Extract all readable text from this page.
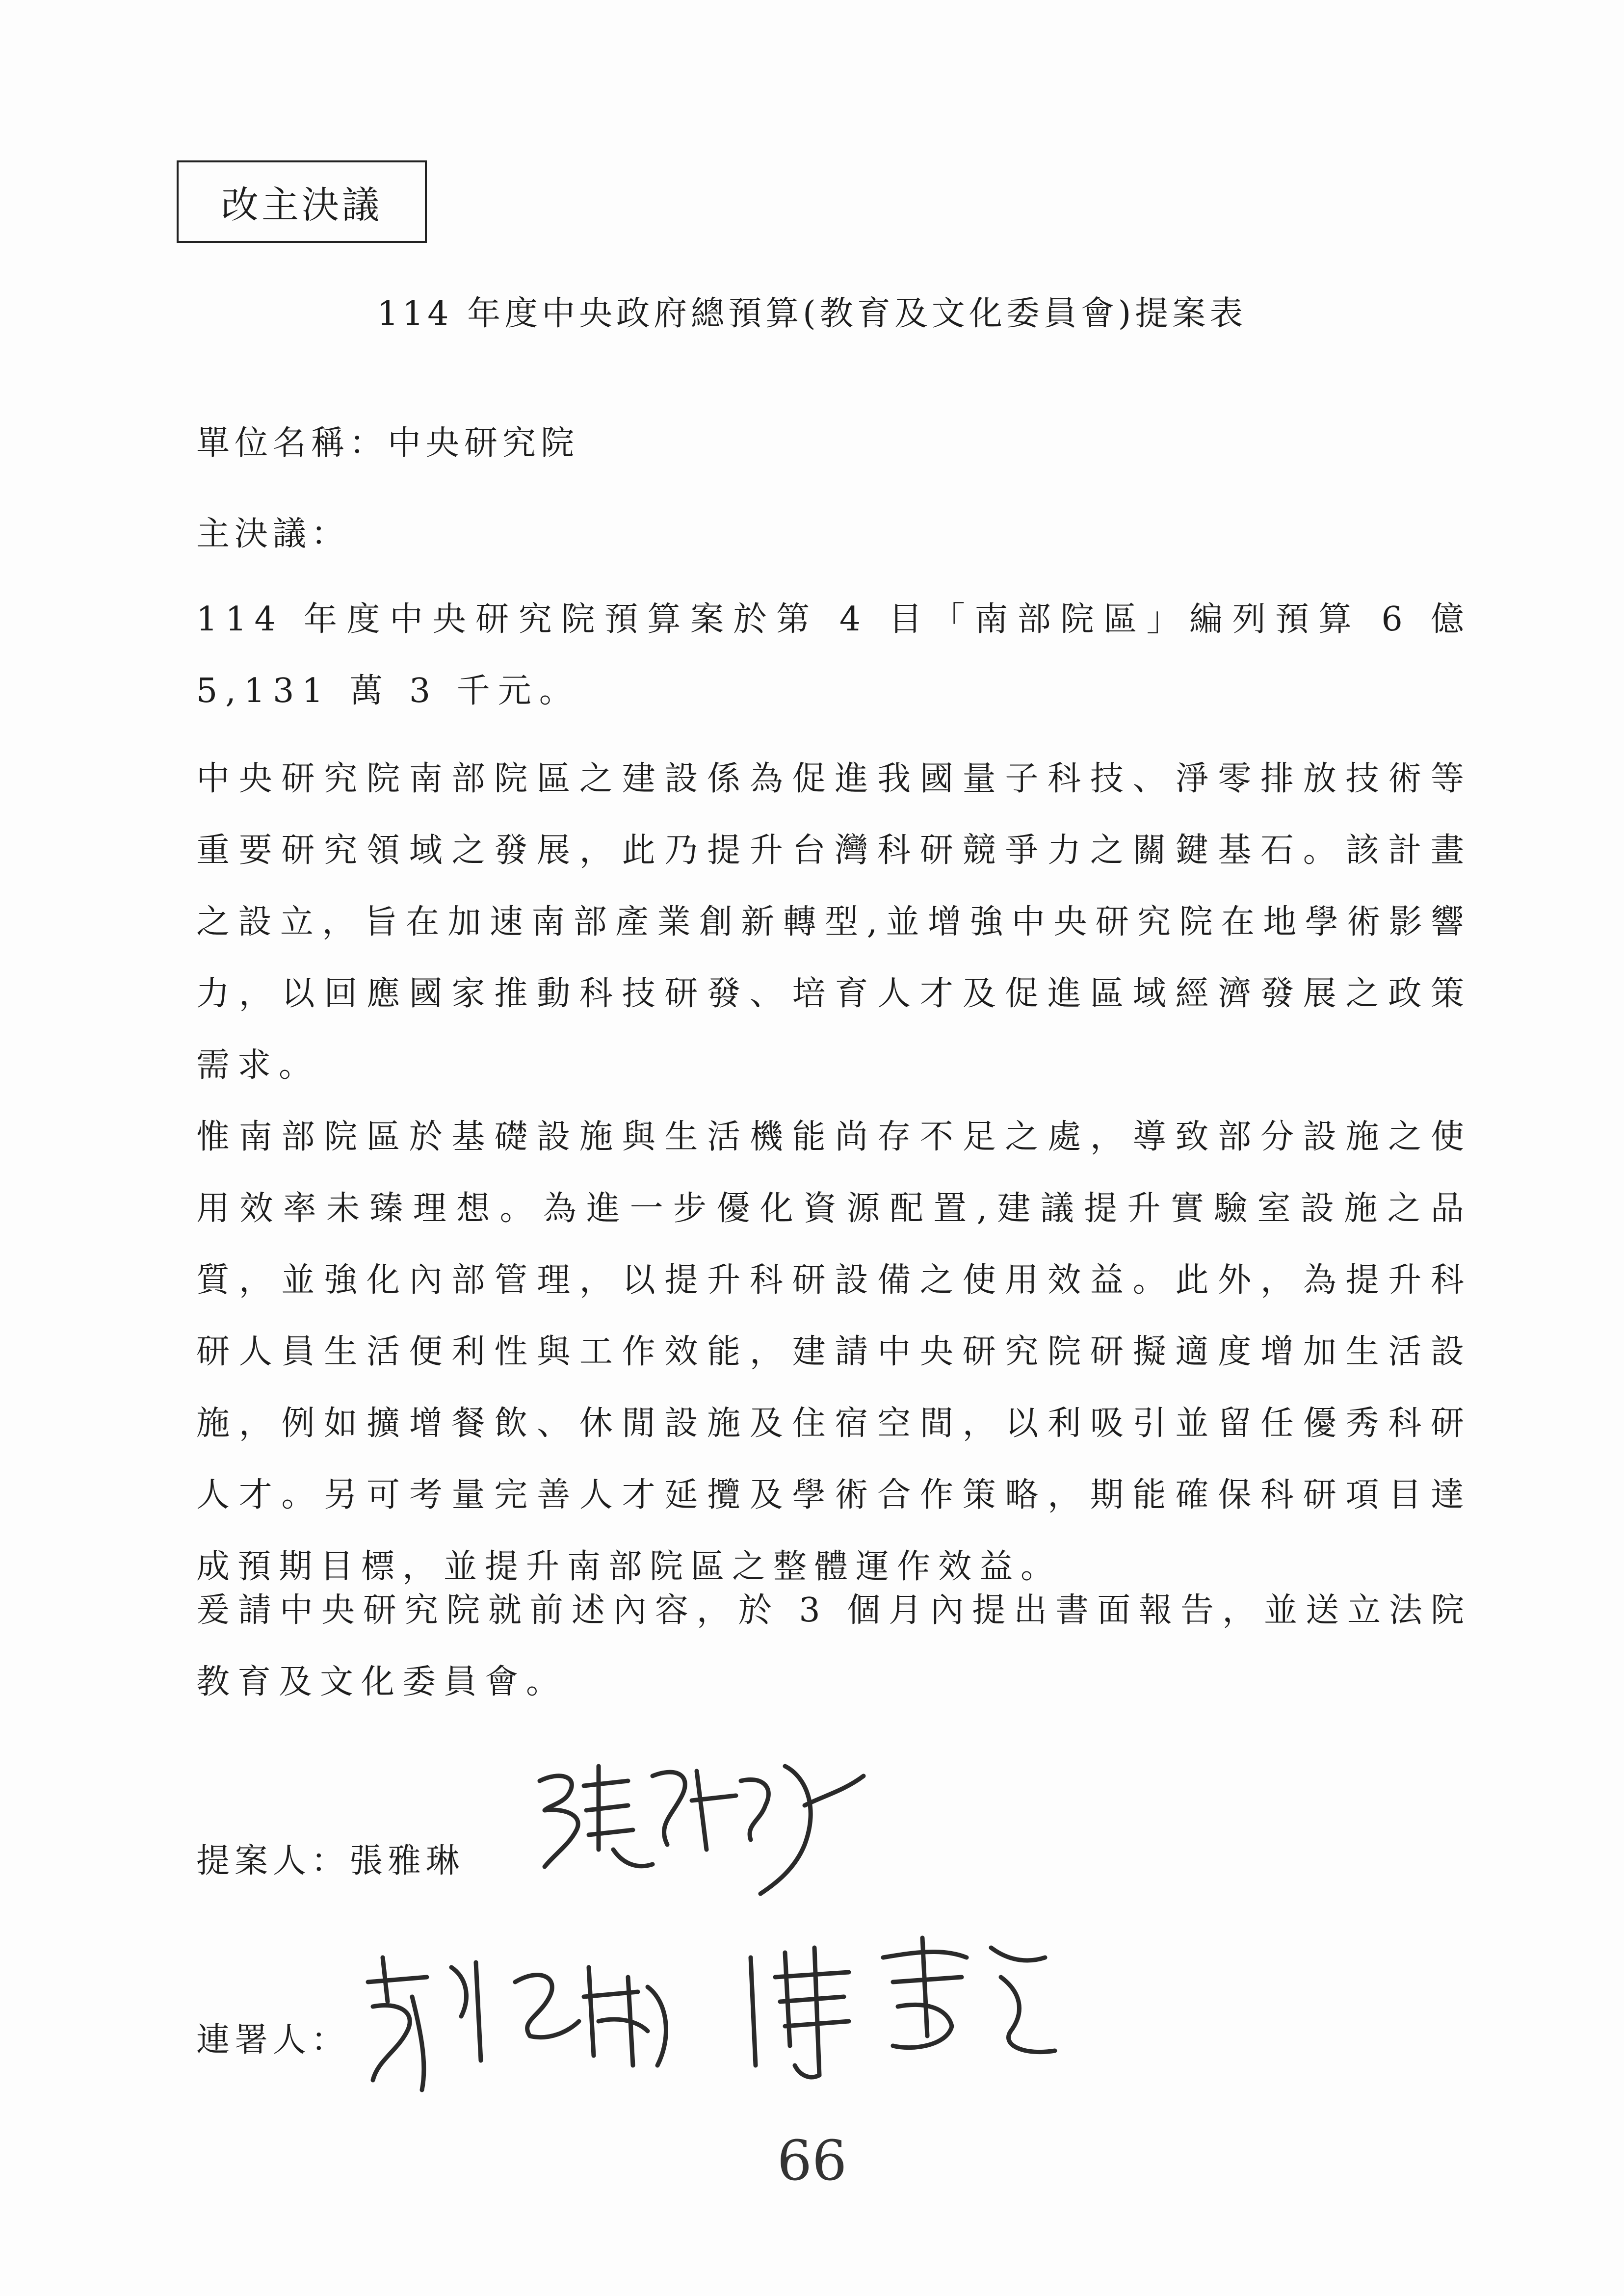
改主決議
114 年度中央政府總預算(教育及文化委員會)提案表
單位名稱：中央研究院
主決議：

114 年度中央研究院預算案於第 4 目「南部院區」編列預算 6 億 5,131 萬 3 千元。

中央研究院南部院區之建設係為促進我國量子科技、淨零排放技術等重要研究領域之發展，此乃提升台灣科研競爭力之關鍵基石。該計畫之設立，旨在加速南部產業創新轉型,並增強中央研究院在地學術影響力，以回應國家推動科技研發、培育人才及促進區域經濟發展之政策需求。

惟南部院區於基礎設施與生活機能尚存不足之處，導致部分設施之使用效率未臻理想。為進一步優化資源配置,建議提升實驗室設施之品質，並強化內部管理，以提升科研設備之使用效益。此外，為提升科研人員生活便利性與工作效能，建請中央研究院研擬適度增加生活設施，例如擴增餐飲、休閒設施及住宿空間，以利吸引並留任優秀科研人才。另可考量完善人才延攬及學術合作策略，期能確保科研項目達成預期目標，並提升南部院區之整體運作效益。

爰請中央研究院就前述內容，於 3 個月內提出書面報告，並送立法院教育及文化委員會。

提案人：張雅琳
連署人：
66
